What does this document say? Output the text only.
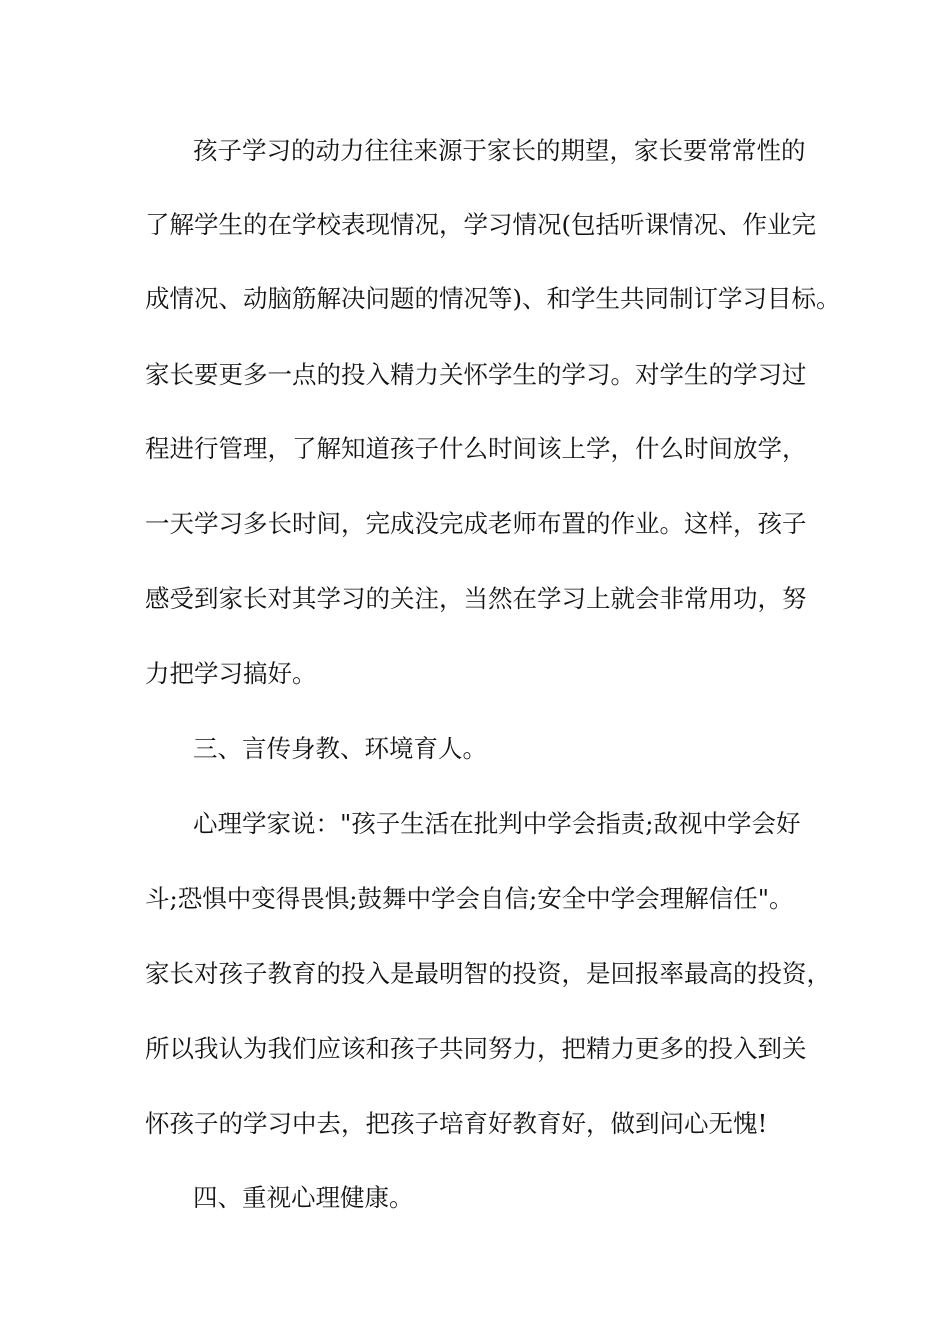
孩子学习的动力往往来源于家长的期望，家长要常常性的
了解学生的在学校表现情况，学习情况(包括听课情况、作业完
成情况、动脑筋解决问题的情况等)、和学生共同制订学习目标。
家长要更多一点的投入精力关怀学生的学习。对学生的学习过
程进行管理，了解知道孩子什么时间该上学，什么时间放学，
一天学习多长时间，完成没完成老师布置的作业。这样，孩子
感受到家长对其学习的关注，当然在学习上就会非常用功，努
力把学习搞好。
三、言传身教、环境育人。
心理学家说："孩子生活在批判中学会指责;敌视中学会好
斗;恐惧中变得畏惧;鼓舞中学会自信;安全中学会理解信任"。
家长对孩子教育的投入是最明智的投资，是回报率最高的投资，
所以我认为我们应该和孩子共同努力，把精力更多的投入到关
怀孩子的学习中去，把孩子培育好教育好，做到问心无愧!
四、重视心理健康。
